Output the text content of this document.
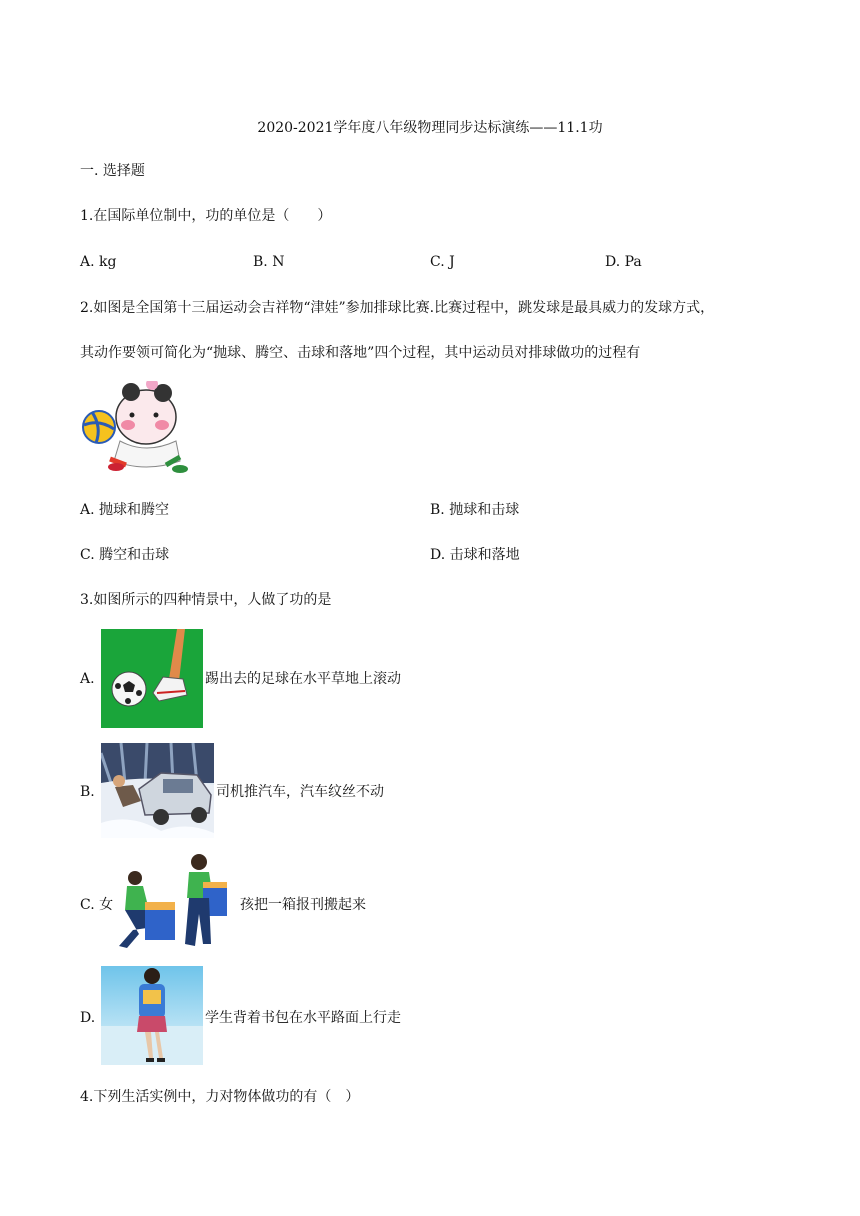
2020-2021学年度八年级物理同步达标演练——11.1功
一. 选择题
1.在国际单位制中，功的单位是（　　）
A. kg	B. N	C. J	D. Pa
2.如图是全国第十三届运动会吉祥物“津娃”参加排球比赛.比赛过程中，跳发球是最具威力的发球方式，
其动作要领可简化为“抛球、腾空、击球和落地”四个过程，其中运动员对排球做功的过程有
A. 抛球和腾空	B. 抛球和击球
C. 腾空和击球	D. 击球和落地
3.如图所示的四种情景中，人做了功的是
A.	踢出去的足球在水平草地上滚动
B.	司机推汽车，汽车纹丝不动
C. 女	孩把一箱报刊搬起来
D.	学生背着书包在水平路面上行走
4.下列生活实例中，力对物体做功的有（　）
